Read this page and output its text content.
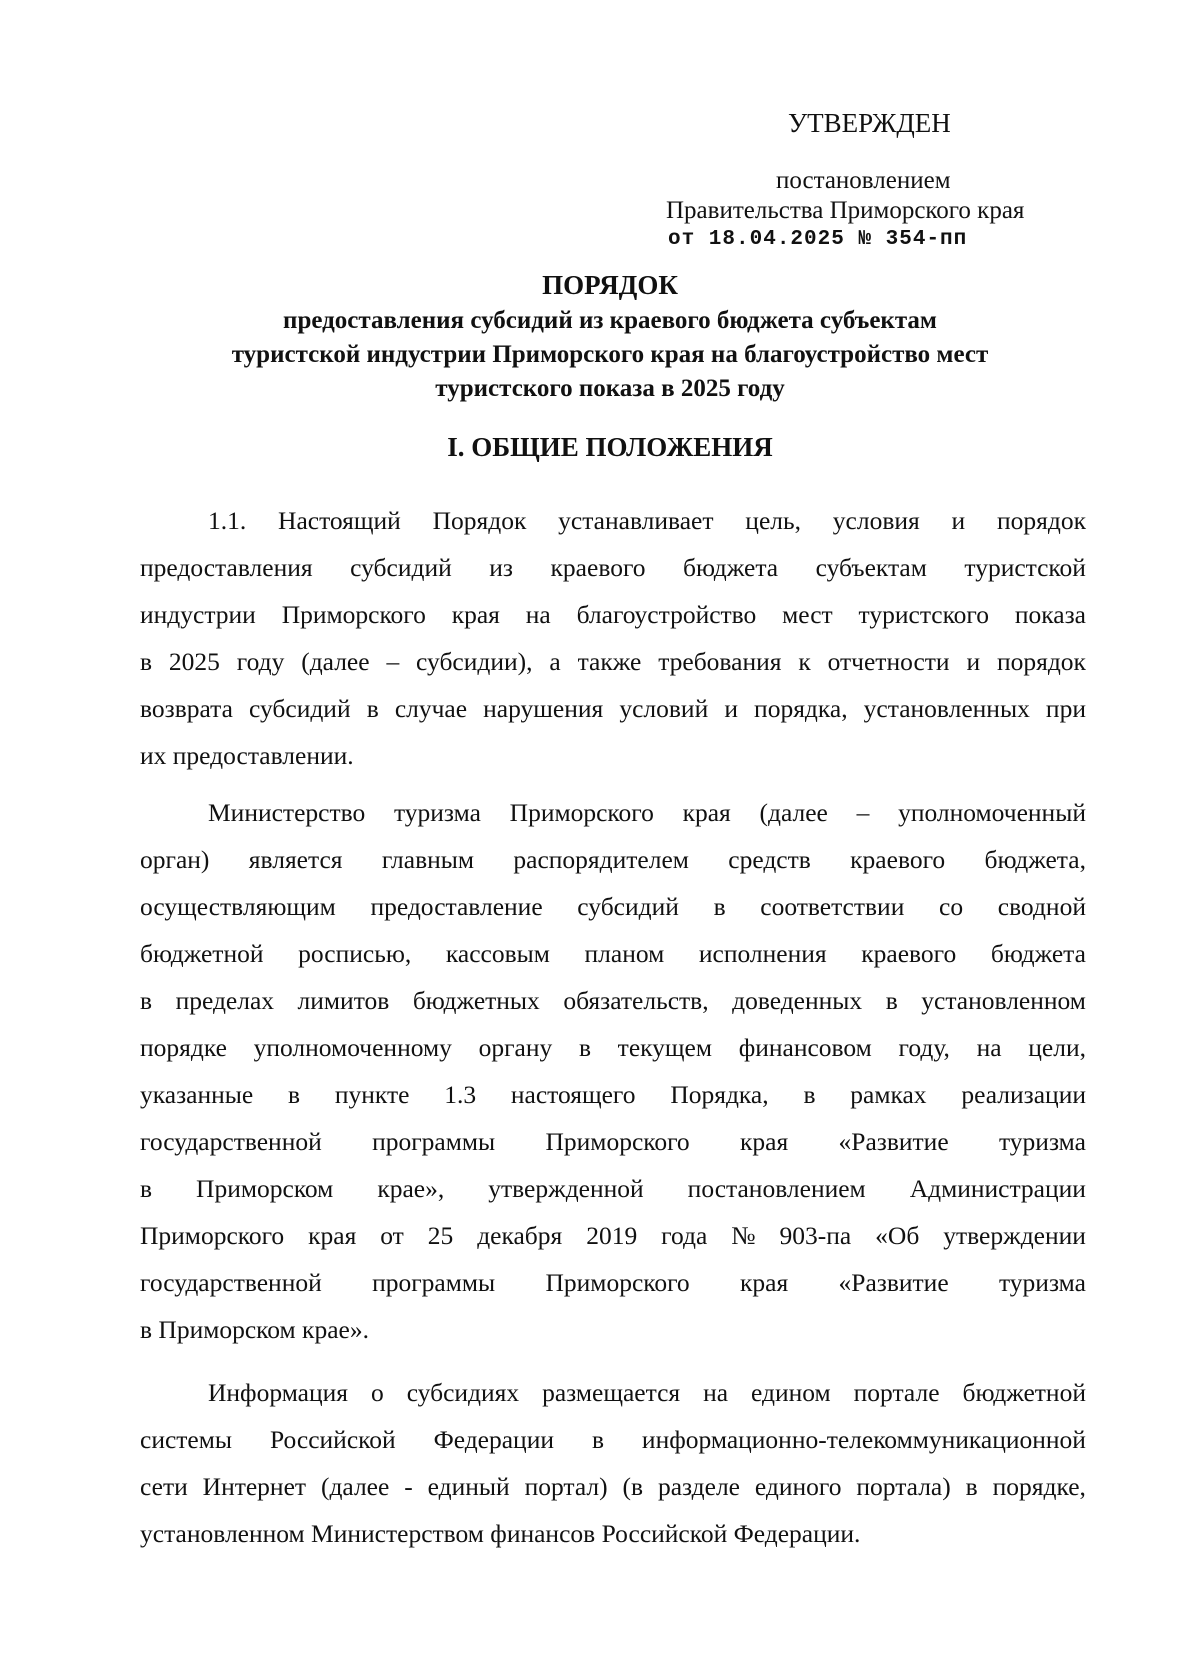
УТВЕРЖДЕН
постановлением
Правительства Приморского края
от 18.04.2025 № 354-пп
ПОРЯДОК
предоставления субсидий из краевого бюджета субъектам
туристской индустрии Приморского края на благоустройство мест
туристского показа в 2025 году
I. ОБЩИЕ ПОЛОЖЕНИЯ
1.1. Настоящий Порядок устанавливает цель, условия и порядок
предоставления субсидий из краевого бюджета субъектам туристской
индустрии Приморского края на благоустройство мест туристского показа
в 2025 году (далее – субсидии), а также требования к отчетности и порядок
возврата субсидий в случае нарушения условий и порядка, установленных при
их предоставлении.
Министерство туризма Приморского края (далее – уполномоченный
орган) является главным распорядителем средств краевого бюджета,
осуществляющим предоставление субсидий в соответствии со сводной
бюджетной росписью, кассовым планом исполнения краевого бюджета
в пределах лимитов бюджетных обязательств, доведенных в установленном
порядке уполномоченному органу в текущем финансовом году, на цели,
указанные в пункте 1.3 настоящего Порядка, в рамках реализации
государственной программы Приморского края «Развитие туризма
в Приморском крае», утвержденной постановлением Администрации
Приморского края от 25 декабря 2019 года № 903-па «Об утверждении
государственной программы Приморского края «Развитие туризма
в Приморском крае».
Информация о субсидиях размещается на едином портале бюджетной
системы Российской Федерации в информационно-телекоммуникационной
сети Интернет (далее - единый портал) (в разделе единого портала) в порядке,
установленном Министерством финансов Российской Федерации.
